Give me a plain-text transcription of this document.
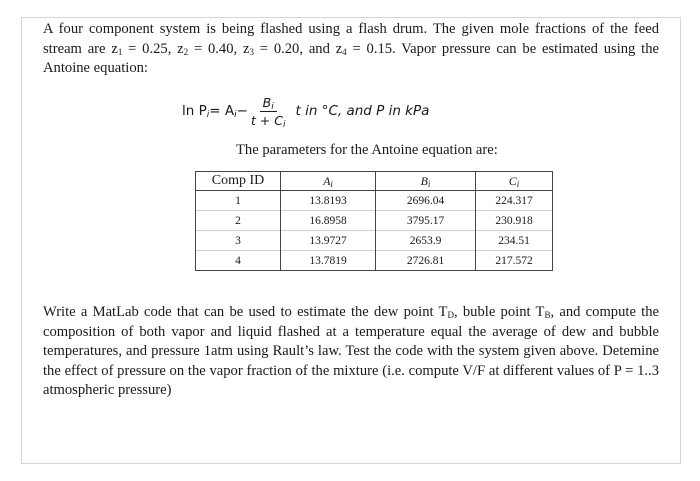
A four component system is being flashed using a flash drum. The given mole fractions of the feed stream are $z_1 = 0.25$, $z_2 = 0.40$, $z_3 = 0.20$, and $z_4 = 0.15$. Vapor pressure can be estimated using the Antoine equation:

$\ln P_i = A_i - \frac{B_i}{t + C_i}$ t in °C, and P in kPa

The parameters for the Antoine equation are:

Comp ID	$A_i$	$B_i$	$C_i$
1	13.8193	2696.04	224.317
2	16.8958	3795.17	230.918
3	13.9727	2653.9	234.51
4	13.7819	2726.81	217.572

Write a MatLab code that can be used to estimate the dew point $T_D$, buble point $T_B$, and compute the composition of both vapor and liquid flashed at a temperature equal the average of dew and bubble temperatures, and pressure 1atm using Rault’s law. Test the code with the system given above. Detemine the effect of pressure on the vapor fraction of the mixture (i.e. compute V/F at different values of P = 1..3 atmospheric pressure)
